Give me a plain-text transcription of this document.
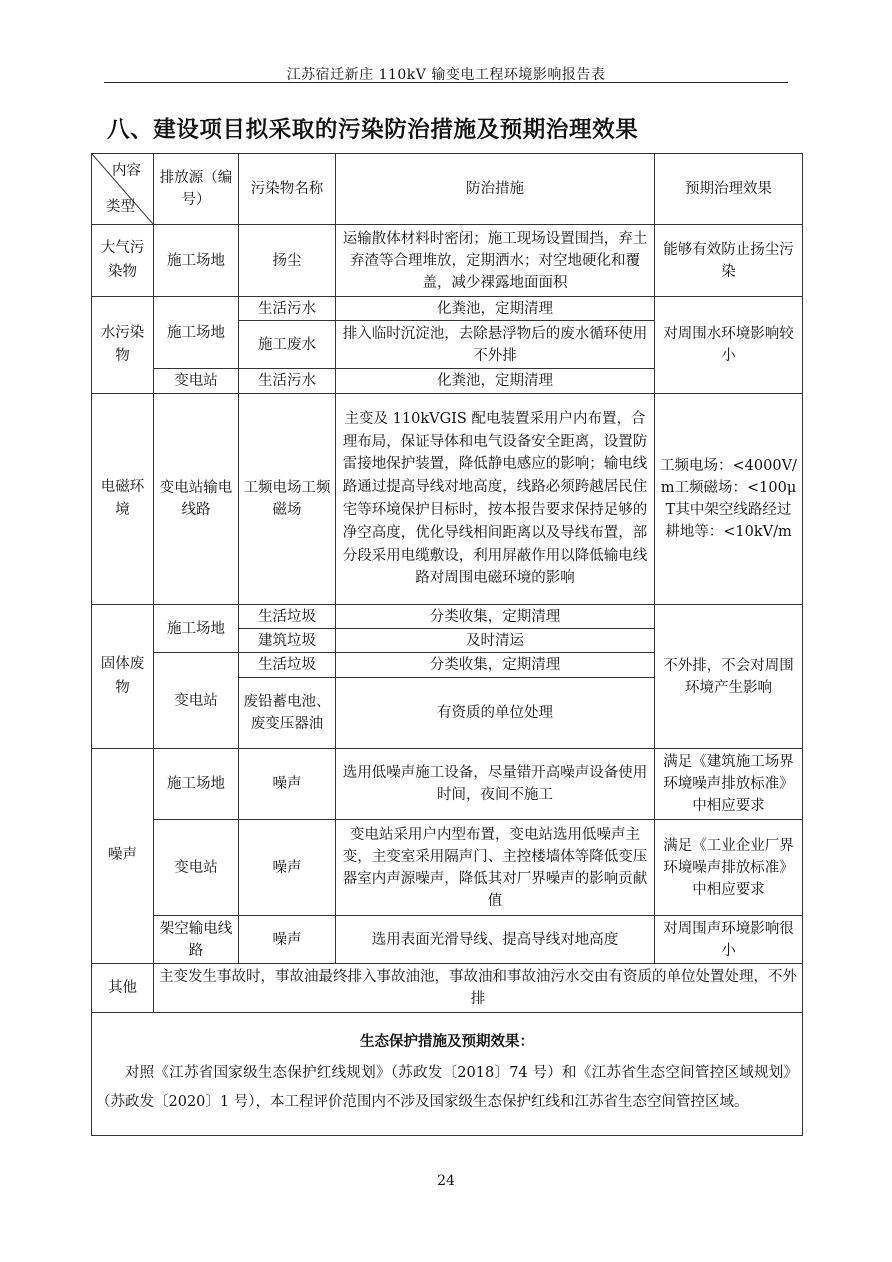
江苏宿迁新庄 110kV 输变电工程环境影响报告表
八、建设项目拟采取的污染防治措施及预期治理效果
内容
类型	排放源（编号）	污染物名称	防治措施	预期治理效果
大气污染物	施工场地	扬尘	运输散体材料时密闭；施工现场设置围挡，弃土弃渣等合理堆放，定期洒水；对空地硬化和覆盖，减少裸露地面面积	能够有效防止扬尘污染
水污染物	施工场地	生活污水	化粪池，定期清理	对周围水环境影响较小
		施工废水	排入临时沉淀池，去除悬浮物后的废水循环使用不外排	
	变电站	生活污水	化粪池，定期清理	
电磁环境	变电站输电线路	工频电场工频磁场	主变及 110kVGIS 配电装置采用户内布置，合理布局，保证导体和电气设备安全距离，设置防雷接地保护装置，降低静电感应的影响；输电线路通过提高导线对地高度，线路必须跨越居民住宅等环境保护目标时，按本报告要求保持足够的净空高度，优化导线相间距离以及导线布置，部分段采用电缆敷设，利用屏蔽作用以降低输电线路对周围电磁环境的影响	工频电场：<4000V/m工频磁场：<100μT其中架空线路经过耕地等：<10kV/m
固体废物	施工场地	生活垃圾	分类收集，定期清理	不外排，不会对周围环境产生影响
		建筑垃圾	及时清运	
	变电站	生活垃圾	分类收集，定期清理	
		废铅蓄电池、废变压器油	有资质的单位处理	
噪声	施工场地	噪声	选用低噪声施工设备，尽量错开高噪声设备使用时间，夜间不施工	满足《建筑施工场界环境噪声排放标准》中相应要求
	变电站	噪声	变电站采用户内型布置，变电站选用低噪声主变，主变室采用隔声门、主控楼墙体等降低变压器室内声源噪声，降低其对厂界噪声的影响贡献值	满足《工业企业厂界环境噪声排放标准》中相应要求
	架空输电线路	噪声	选用表面光滑导线、提高导线对地高度	对周围声环境影响很小
其他	主变发生事故时，事故油最终排入事故油池，事故油和事故油污水交由有资质的单位处置处理，不外排			

生态保护措施及预期效果：
对照《江苏省国家级生态保护红线规划》（苏政发〔2018〕74 号）和《江苏省生态空间管控区域规划》（苏政发〔2020〕1 号），本工程评价范围内不涉及国家级生态保护红线和江苏省生态空间管控区域。				
24
